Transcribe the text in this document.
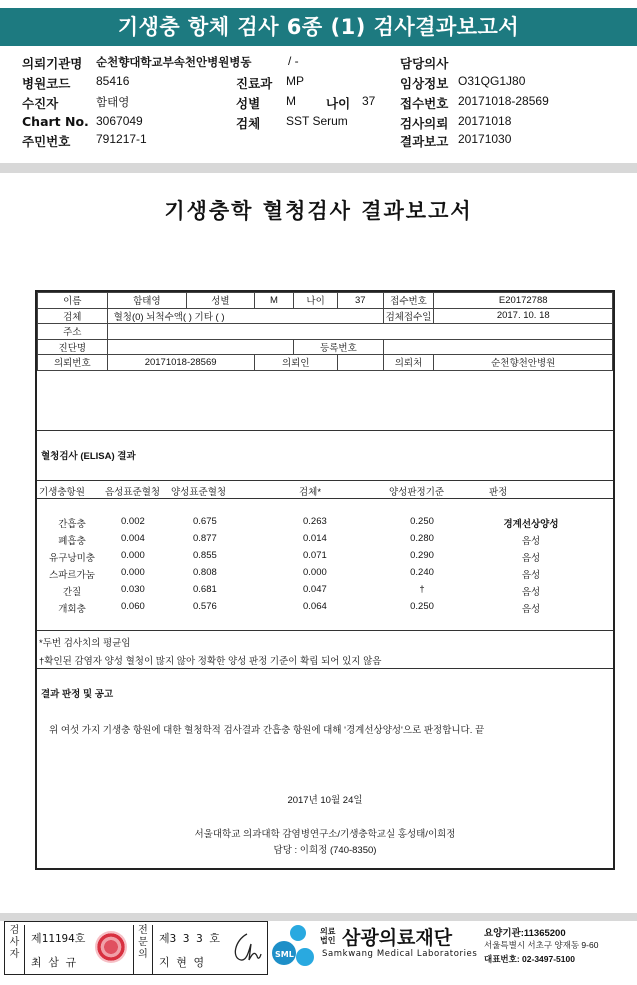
기생충 항체 검사 6종 (1) 검사결과보고서
의뢰기관명 순천향대학교부속천안병원병동	/ -	담당의사
병원코드 85416	진료과 MP	임상정보 O31QG1J80
수진자	함태영	성별 M 나이 37 접수번호 20171018-28569
Chart No. 3067049	검체 SST Serum	검사의뢰 20171018
주민번호 791217-1	결과보고 20171030
기생충학 혈청검사 결과보고서
이름	함태영	성별	M	나이	37	접수번호	E20172788
검체	혈청(0) 뇌척수액( ) 기타 ( )					검체접수일	2017. 10. 18
주소							
진단명				등록번호			
의뢰번호	20171018-28569		의뢰인			의뢰처	순천향천안병원
혈청검사 (ELISA) 결과
기생충항원 음성표준혈청 양성표준혈청	검체*	양성판정기준	판정
간흡충	0.002	0.675	0.263	0.250	경계선상양성
폐흡충	0.004	0.877	0.014	0.280	음성
유구낭미충	0.000	0.855	0.071	0.290	음성
스파르가눔	0.000	0.808	0.000	0.240	음성
간질	0.030	0.681	0.047	†	음성
개회충	0.060	0.576	0.064	0.250	음성
*두번 검사치의 평균임
†확인된 감염자 양성 혈청이 많지 않아 정확한 양성 판정 기준이 확립 되어 있지 않음
결과 판정 및 공고
위 여섯 가지 기생충 항원에 대한 혈청학적 검사결과 간흡충 항원에 대해 '경계선상양성'으로 판정합니다. 끝
2017년 10월 24일
서울대학교 의과대학 감염병연구소/기생충학교실 홍성태/이희정
담당 : 이희정 (740-8350)
검사자
제11194호
최 삼 규
전문의
제3 3 3 호
지 현 영
SML
의료
법인 삼광의료재단
Samkwang Medical Laboratories
요양기관:11365200
서울특별시 서초구 양재동 9-60
대표번호: 02-3497-5100
